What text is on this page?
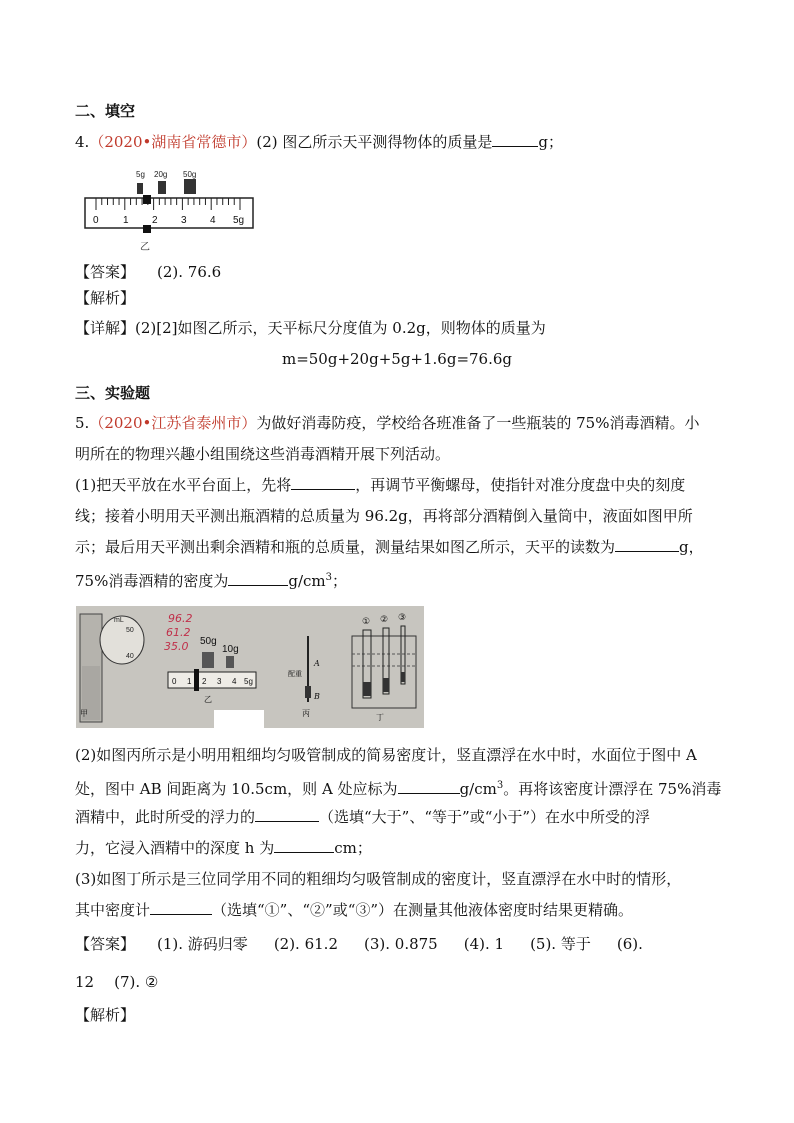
二、填空
4.（2020•湖南省常德市）(2) 图乙所示天平测得物体的质量是	g；
5g 20g 50g
0 1 2 3 4 5g
乙
【答案】 (2). 76.6
【解析】
【详解】(2)[2]如图乙所示，天平标尺分度值为 0.2g，则物体的质量为
m=50g+20g+5g+1.6g=76.6g
三、实验题
5.（2020•江苏省泰州市）为做好消毒防疫，学校给各班准备了一些瓶装的 75%消毒酒精。小
明所在的物理兴趣小组围绕这些消毒酒精开展下列活动。
(1)把天平放在水平台面上，先将	，再调节平衡螺母，使指针对准分度盘中央的刻度
线；接着小明用天平测出瓶酒精的总质量为 96.2g，再将部分酒精倒入量筒中，液面如图甲所
示；最后用天平测出剩余酒精和瓶的总质量，测量结果如图乙所示，天平的读数为	g，
75%消毒酒精的密度为	$g/cm^3$；
mL
50
40
甲
96.2
61.2
35.0 50g
10g
0 1 2 3 4 5g
乙
A
B
配重
丙
① ② ③
丁
(2)如图丙所示是小明用粗细均匀吸管制成的简易密度计，竖直漂浮在水中时，水面位于图中 A
处，图中 AB 间距离为 10.5cm，则 A 处应标为	$g/cm^3$。再将该密度计漂浮在 75%消毒
酒精中，此时所受的浮力的	（选填“大于”、“等于”或“小于”）在水中所受的浮
力，它浸入酒精中的深度 h 为	cm；
(3)如图丁所示是三位同学用不同的粗细均匀吸管制成的密度计，竖直漂浮在水中时的情形，
其中密度计	（选填“①”、“②”或“③”）在测量其他液体密度时结果更精确。
【答案】 (1). 游码归零 (2). 61.2 (3). 0.875 (4). 1 (5). 等于 (6).
12 (7). ②
【解析】
